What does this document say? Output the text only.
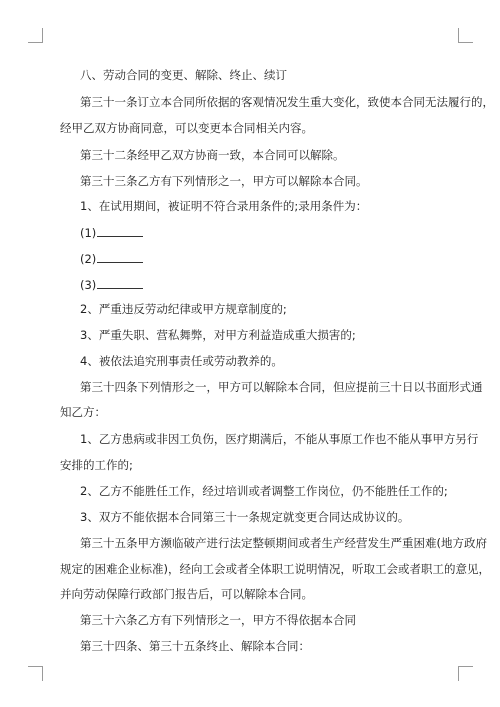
八、劳动合同的变更、解除、终止、续订
第三十一条订立本合同所依据的客观情况发生重大变化，致使本合同无法履行的，
经甲乙双方协商同意，可以变更本合同相关内容。
第三十二条经甲乙双方协商一致，本合同可以解除。
第三十三条乙方有下列情形之一，甲方可以解除本合同。
1、在试用期间，被证明不符合录用条件的;录用条件为：
(1)
(2)
(3)
2、严重违反劳动纪律或甲方规章制度的;
3、严重失职、营私舞弊，对甲方利益造成重大损害的;
4、被依法追究刑事责任或劳动教养的。
第三十四条下列情形之一，甲方可以解除本合同，但应提前三十日以书面形式通
知乙方：
1、乙方患病或非因工负伤，医疗期满后，不能从事原工作也不能从事甲方另行
安排的工作的;
2、乙方不能胜任工作，经过培训或者调整工作岗位，仍不能胜任工作的;
3、双方不能依据本合同第三十一条规定就变更合同达成协议的。
第三十五条甲方濒临破产进行法定整顿期间或者生产经营发生严重困难(地方政府
规定的困难企业标准)，经向工会或者全体职工说明情况，听取工会或者职工的意见，
并向劳动保障行政部门报告后，可以解除本合同。
第三十六条乙方有下列情形之一，甲方不得依据本合同
第三十四条、第三十五条终止、解除本合同：
